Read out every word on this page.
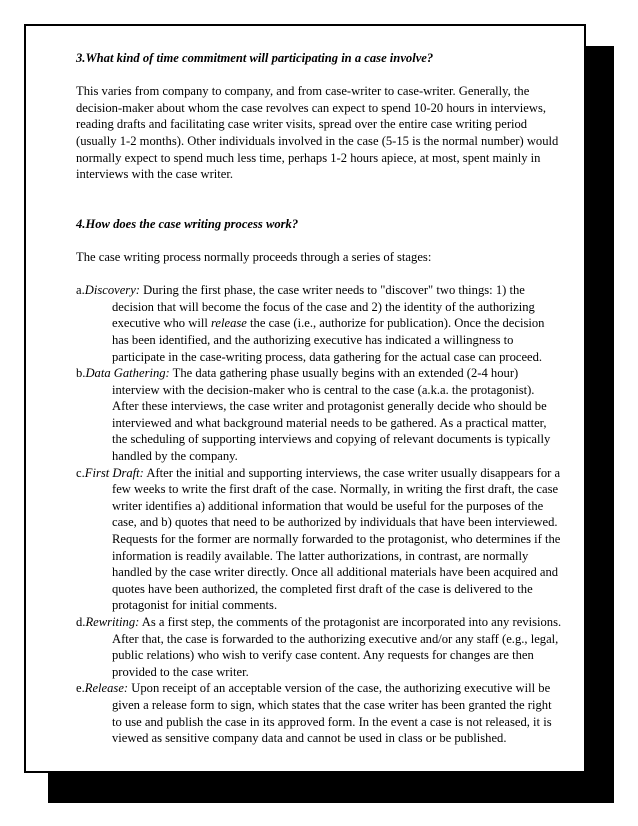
3.What kind of time commitment will participating in a case involve?

This varies from company to company, and from case-writer to case-writer. Generally, the decision-maker about whom the case revolves can expect to spend 10-20 hours in interviews, reading drafts and facilitating case writer visits, spread over the entire case writing period (usually 1-2 months). Other individuals involved in the case (5-15 is the normal number) would normally expect to spend much less time, perhaps 1-2 hours apiece, at most, spent mainly in interviews with the case writer.

4.How does the case writing process work?

The case writing process normally proceeds through a series of stages:

a.Discovery: During the first phase, the case writer needs to "discover" two things: 1) the decision that will become the focus of the case and 2) the identity of the authorizing executive who will release the case (i.e., authorize for publication). Once the decision has been identified, and the authorizing executive has indicated a willingness to participate in the case-writing process, data gathering for the actual case can proceed.

b.Data Gathering: The data gathering phase usually begins with an extended (2-4 hour) interview with the decision-maker who is central to the case (a.k.a. the protagonist). After these interviews, the case writer and protagonist generally decide who should be interviewed and what background material needs to be gathered. As a practical matter, the scheduling of supporting interviews and copying of relevant documents is typically handled by the company.

c.First Draft: After the initial and supporting interviews, the case writer usually disappears for a few weeks to write the first draft of the case. Normally, in writing the first draft, the case writer identifies a) additional information that would be useful for the purposes of the case, and b) quotes that need to be authorized by individuals that have been interviewed. Requests for the former are normally forwarded to the protagonist, who determines if the information is readily available. The latter authorizations, in contrast, are normally handled by the case writer directly. Once all additional materials have been acquired and quotes have been authorized, the completed first draft of the case is delivered to the protagonist for initial comments.

d.Rewriting: As a first step, the comments of the protagonist are incorporated into any revisions. After that, the case is forwarded to the authorizing executive and/or any staff (e.g., legal, public relations) who wish to verify case content. Any requests for changes are then provided to the case writer.

e.Release: Upon receipt of an acceptable version of the case, the authorizing executive will be given a release form to sign, which states that the case writer has been granted the right to use and publish the case in its approved form. In the event a case is not released, it is viewed as sensitive company data and cannot be used in class or be published.
